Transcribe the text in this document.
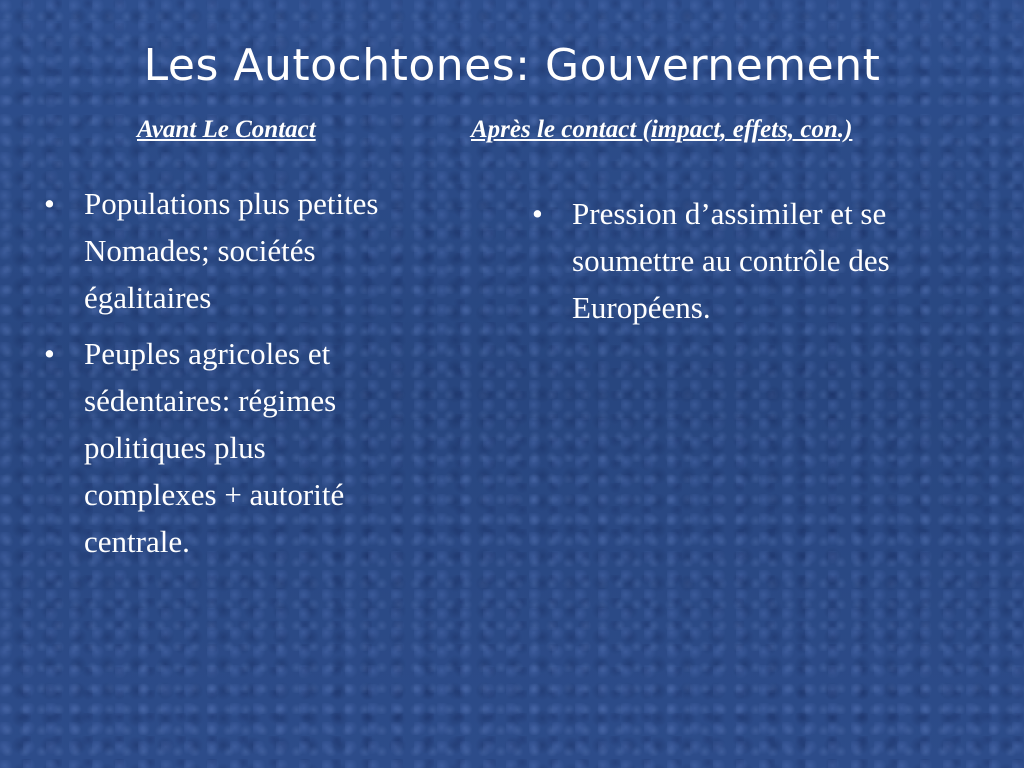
Les Autochtones: Gouvernement
Avant Le Contact	Après le contact (impact, effets, con.)
• Populations plus petites
Nomades; sociétés
égalitaires
• Peuples agricoles et
sédentaires: régimes
politiques plus
complexes + autorité
centrale.
• Pression d’assimiler et se
soumettre au contrôle des
Européens.
